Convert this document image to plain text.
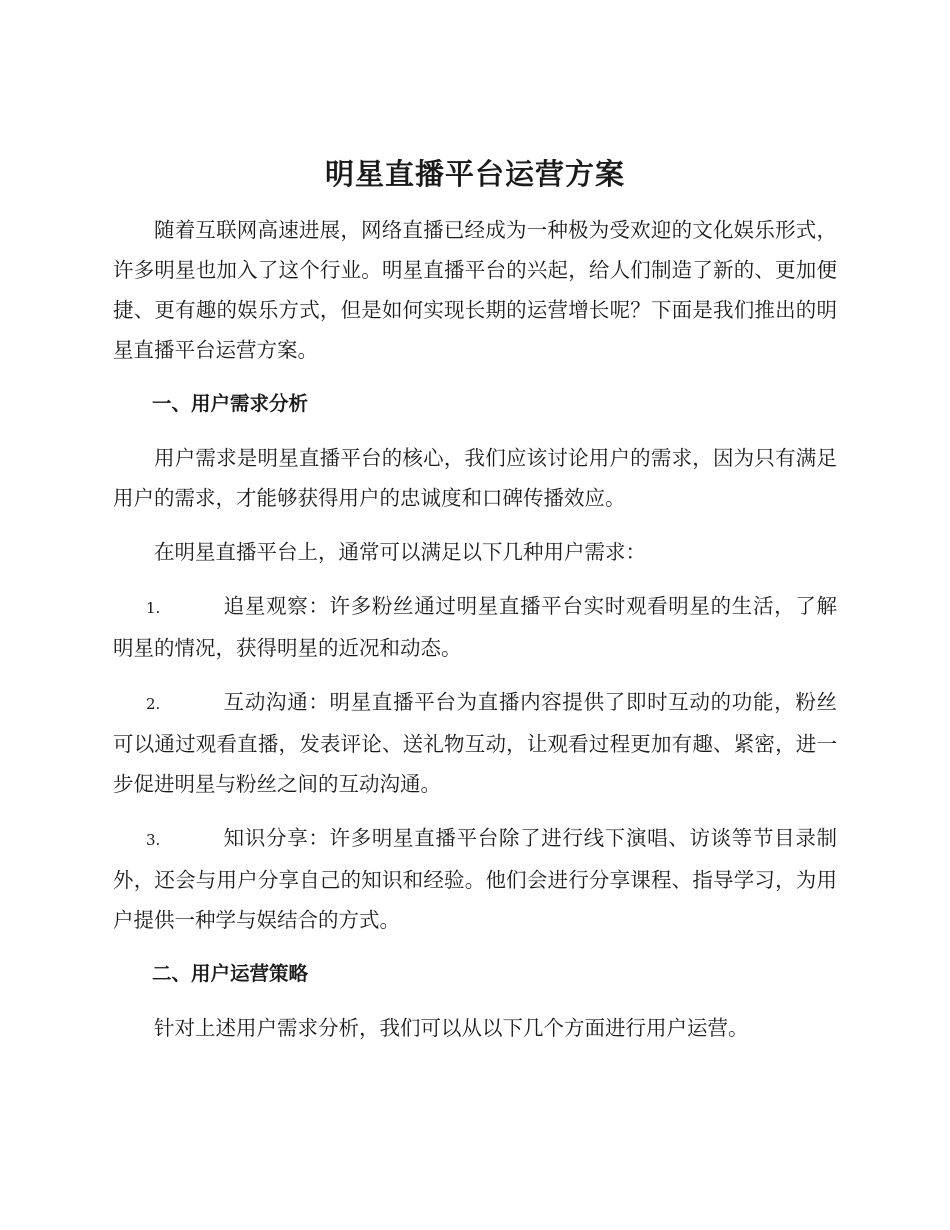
明星直播平台运营方案

随着互联网高速进展，网络直播已经成为一种极为受欢迎的文化娱乐形式，许多明星也加入了这个行业。明星直播平台的兴起，给人们制造了新的、更加便捷、更有趣的娱乐方式，但是如何实现长期的运营增长呢？下面是我们推出的明星直播平台运营方案。

一、用户需求分析

用户需求是明星直播平台的核心，我们应该讨论用户的需求，因为只有满足用户的需求，才能够获得用户的忠诚度和口碑传播效应。

在明星直播平台上，通常可以满足以下几种用户需求：

1.	追星观察：许多粉丝通过明星直播平台实时观看明星的生活，了解明星的情况，获得明星的近况和动态。

2.	互动沟通：明星直播平台为直播内容提供了即时互动的功能，粉丝可以通过观看直播，发表评论、送礼物互动，让观看过程更加有趣、紧密，进一步促进明星与粉丝之间的互动沟通。

3.	知识分享：许多明星直播平台除了进行线下演唱、访谈等节目录制外，还会与用户分享自己的知识和经验。他们会进行分享课程、指导学习，为用户提供一种学与娱结合的方式。

二、用户运营策略

针对上述用户需求分析，我们可以从以下几个方面进行用户运营。
